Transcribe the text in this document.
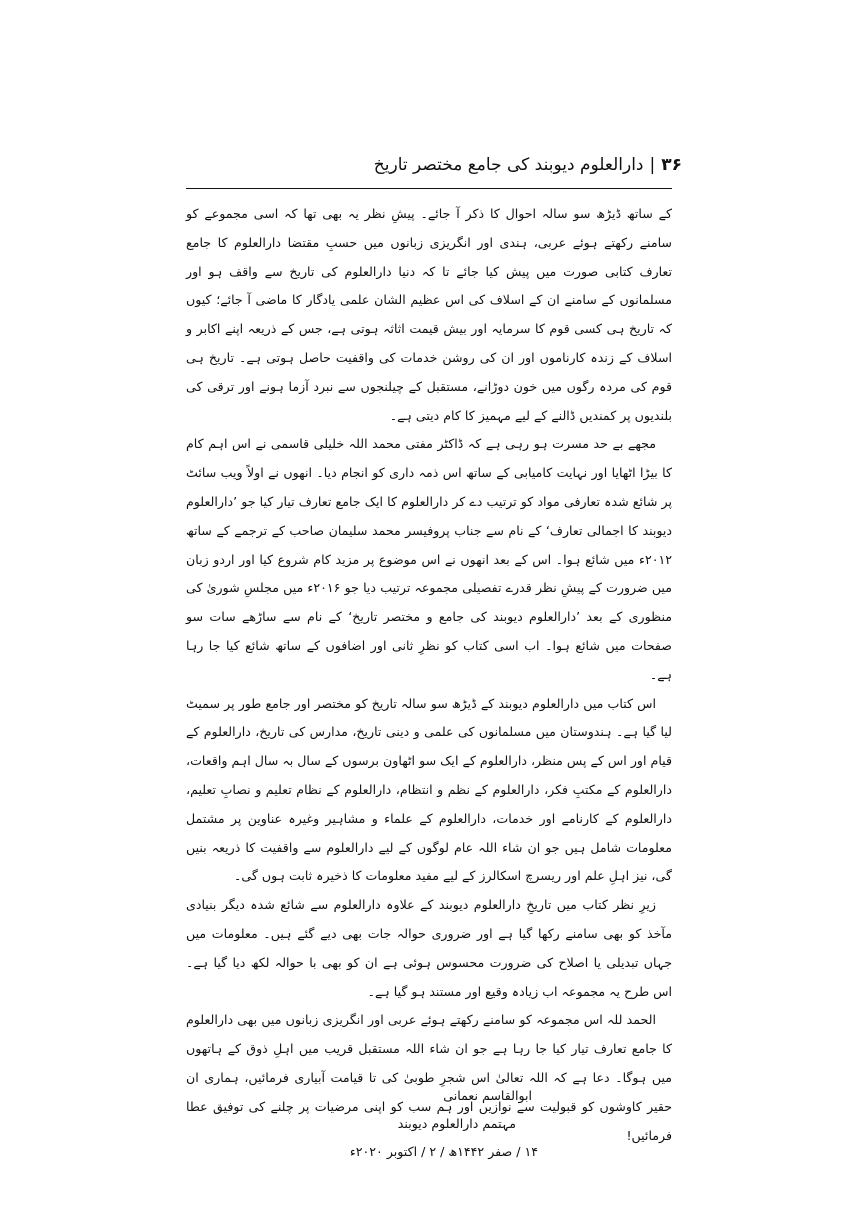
۳۶|دارالعلوم دیوبند کی جامع مختصر تاریخ

کے ساتھ ڈیڑھ سو سالہ احوال کا ذکر آ جائے۔ پیشِ نظر یہ بھی تھا کہ اسی مجموعے کو سامنے رکھتے ہوئے عربی، ہندی اور انگریزی زبانوں میں حسبِ مقتضا دارالعلوم کا جامع تعارف کتابی صورت میں پیش کیا جائے تا کہ دنیا دارالعلوم کی تاریخ سے واقف ہو اور مسلمانوں کے سامنے ان کے اسلاف کی اس عظیم الشان علمی یادگار کا ماضی آ جائے؛ کیوں کہ تاریخ ہی کسی قوم کا سرمایہ اور بیش قیمت اثاثہ ہوتی ہے، جس کے ذریعہ اپنے اکابر و اسلاف کے زندہ کارناموں اور ان کی روشن خدمات کی واقفیت حاصل ہوتی ہے۔ تاریخ ہی قوم کی مردہ رگوں میں خون دوڑانے، مستقبل کے چیلنجوں سے نبرد آزما ہونے اور ترقی کی بلندیوں پر کمندیں ڈالنے کے لیے مہمیز کا کام دیتی ہے۔

مجھے بے حد مسرت ہو رہی ہے کہ ڈاکٹر مفتی محمد اللہ خلیلی قاسمی نے اس اہم کام کا بیڑا اٹھایا اور نہایت کامیابی کے ساتھ اس ذمہ داری کو انجام دیا۔ انھوں نے اولاً ویب سائٹ پر شائع شدہ تعارفی مواد کو ترتیب دے کر دارالعلوم کا ایک جامع تعارف تیار کیا جو ’دارالعلوم دیوبند کا اجمالی تعارف‘ کے نام سے جناب پروفیسر محمد سلیمان صاحب کے ترجمے کے ساتھ ۲۰۱۲ء میں شائع ہوا۔ اس کے بعد انھوں نے اس موضوع پر مزید کام شروع کیا اور اردو زبان میں ضرورت کے پیشِ نظر قدرے تفصیلی مجموعہ ترتیب دیا جو ۲۰۱۶ء میں مجلسِ شوریٰ کی منظوری کے بعد ’دارالعلوم دیوبند کی جامع و مختصر تاریخ‘ کے نام سے ساڑھے سات سو صفحات میں شائع ہوا۔ اب اسی کتاب کو نظرِ ثانی اور اضافوں کے ساتھ شائع کیا جا رہا ہے۔

اس کتاب میں دارالعلوم دیوبند کے ڈیڑھ سو سالہ تاریخ کو مختصر اور جامع طور پر سمیٹ لیا گیا ہے۔ ہندوستان میں مسلمانوں کی علمی و دینی تاریخ، مدارس کی تاریخ، دارالعلوم کے قیام اور اس کے پس منظر، دارالعلوم کے ایک سو اٹھاون برسوں کے سال بہ سال اہم واقعات، دارالعلوم کے مکتبِ فکر، دارالعلوم کے نظم و انتظام، دارالعلوم کے نظام تعلیم و نصابِ تعلیم، دارالعلوم کے کارنامے اور خدمات، دارالعلوم کے علماء و مشاہیر وغیرہ عناوین پر مشتمل معلومات شامل ہیں جو ان شاء اللہ عام لوگوں کے لیے دارالعلوم سے واقفیت کا ذریعہ بنیں گی، نیز اہلِ علم اور ریسرچ اسکالرز کے لیے مفید معلومات کا ذخیرہ ثابت ہوں گی۔

زیرِ نظر کتاب میں تاریخِ دارالعلوم دیوبند کے علاوہ دارالعلوم سے شائع شدہ دیگر بنیادی مآخذ کو بھی سامنے رکھا گیا ہے اور ضروری حوالہ جات بھی دیے گئے ہیں۔ معلومات میں جہاں تبدیلی یا اصلاح کی ضرورت محسوس ہوئی ہے ان کو بھی با حوالہ لکھ دیا گیا ہے۔ اس طرح یہ مجموعہ اب زیادہ وقیع اور مستند ہو گیا ہے۔

الحمد للہ اس مجموعہ کو سامنے رکھتے ہوئے عربی اور انگریزی زبانوں میں بھی دارالعلوم کا جامع تعارف تیار کیا جا رہا ہے جو ان شاء اللہ مستقبل قریب میں اہلِ ذوق کے ہاتھوں میں ہوگا۔ دعا ہے کہ اللہ تعالیٰ اس شجرِ طوبیٰ کی تا قیامت آبیاری فرمائیں، ہماری ان حقیر کاوشوں کو قبولیت سے نوازیں اور ہم سب کو اپنی مرضیات پر چلنے کی توفیق عطا فرمائیں!

ابوالقاسم نعمانی
مہتمم دارالعلوم دیوبند
۱۴ / صفر ۱۴۴۲ھ / ۲ / اکتوبر ۲۰۲۰ء
